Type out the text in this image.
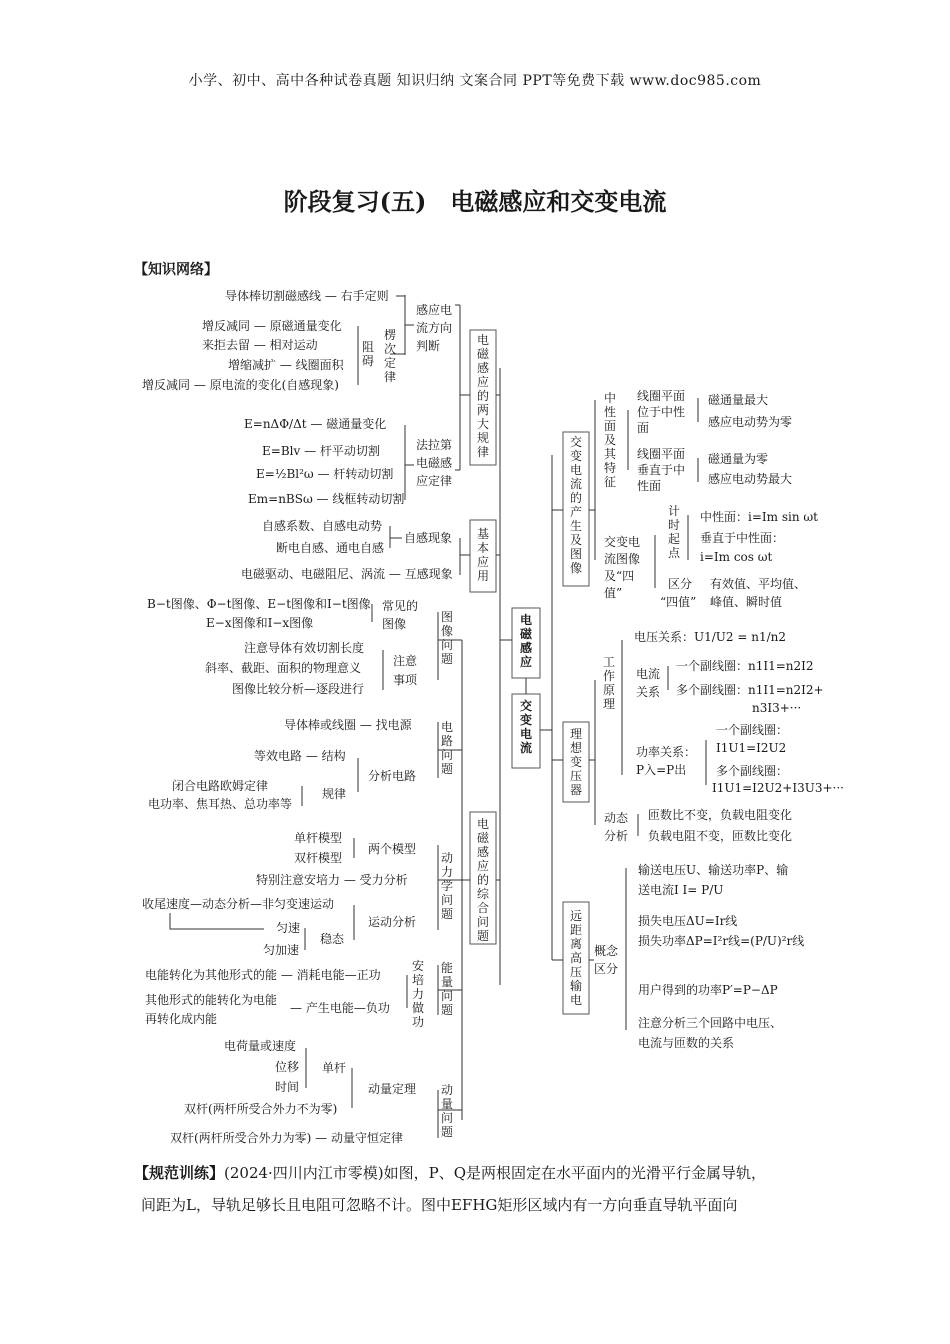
小学、初中、高中各种试卷真题 知识归纳 文案合同 PPT等免费下载 www.doc985.com
阶段复习(五)　电磁感应和交变电流
【知识网络】
电磁感应
交变电流
电磁感应的两大规律
感应电
流方向
判断
导体棒切割磁感线 — 右手定则
楞次定律
阻碍
增反减同 — 原磁通量变化
来拒去留 — 相对运动
增缩减扩 — 线圈面积
增反减同 — 原电流的变化(自感现象)
法拉第
电磁感
应定律
E=nΔΦ/Δt — 磁通量变化
E=Blv — 杆平动切割
E=½Bl²ω — 杆转动切割
Em=nBSω — 线框转动切割
基本应用
自感现象
自感系数、自感电动势
断电自感、通电自感
电磁驱动、电磁阻尼、涡流 — 互感现象
电磁感应的综合问题
图像问题
常见的
图像
B−t图像、Φ−t图像、E−t图像和I−t图像
E−x图像和I−x图像
注意
事项
注意导体有效切割长度
斜率、截距、面积的物理意义
图像比较分析—逐段进行
电路问题
导体棒或线圈 — 找电源
分析电路
等效电路 — 结构
规律
闭合电路欧姆定律
电功率、焦耳热、总功率等
动力学问题
两个模型
单杆模型
双杆模型
特别注意安培力 — 受力分析
运动分析
收尾速度—动态分析—非匀变速运动
稳态
匀速
匀加速
能量问题
安培力做功
电能转化为其他形式的能 — 消耗电能—正功
其他形式的能转化为电能
— 产生电能—负功
再转化成内能
动量问题
动量定理
单杆
电荷量或速度
位移
时间
双杆(两杆所受合外力不为零)
双杆(两杆所受合外力为零) — 动量守恒定律
交变电流的产生及图像
中性面及其特征
线圈平面
位于中性
面
磁通量最大
感应电动势为零
线圈平面
垂直于中
性面
磁通量为零
感应电动势最大
交变电
流图像
及“四
值”
计时起点
中性面：i=Im sin ωt
垂直于中性面：
i=Im cos ωt
区分
“四值”
有效值、平均值、
峰值、瞬时值
理想变压器
工作原理
电压关系：U1/U2 = n1/n2
电流
关系
一个副线圈：n1I1=n2I2
多个副线圈：n1I1=n2I2+
n3I3+···
功率关系：
P入=P出
一个副线圈：
I1U1=I2U2
多个副线圈：
I1U1=I2U2+I3U3+···
动态
分析
匝数比不变，负载电阻变化
负载电阻不变，匝数比变化
远距离高压输电
概念
区分
输送电压U、输送功率P、输
送电流I I= P/U
损失电压ΔU=Ir线
损失功率ΔP=I²r线=(P/U)²r线
用户得到的功率P′=P−ΔP
注意分析三个回路中电压、
电流与匝数的关系
【规范训练】(2024·四川内江市零模)如图，P、Q是两根固定在水平面内的光滑平行金属导轨，
间距为L，导轨足够长且电阻可忽略不计。图中EFHG矩形区域内有一方向垂直导轨平面向
